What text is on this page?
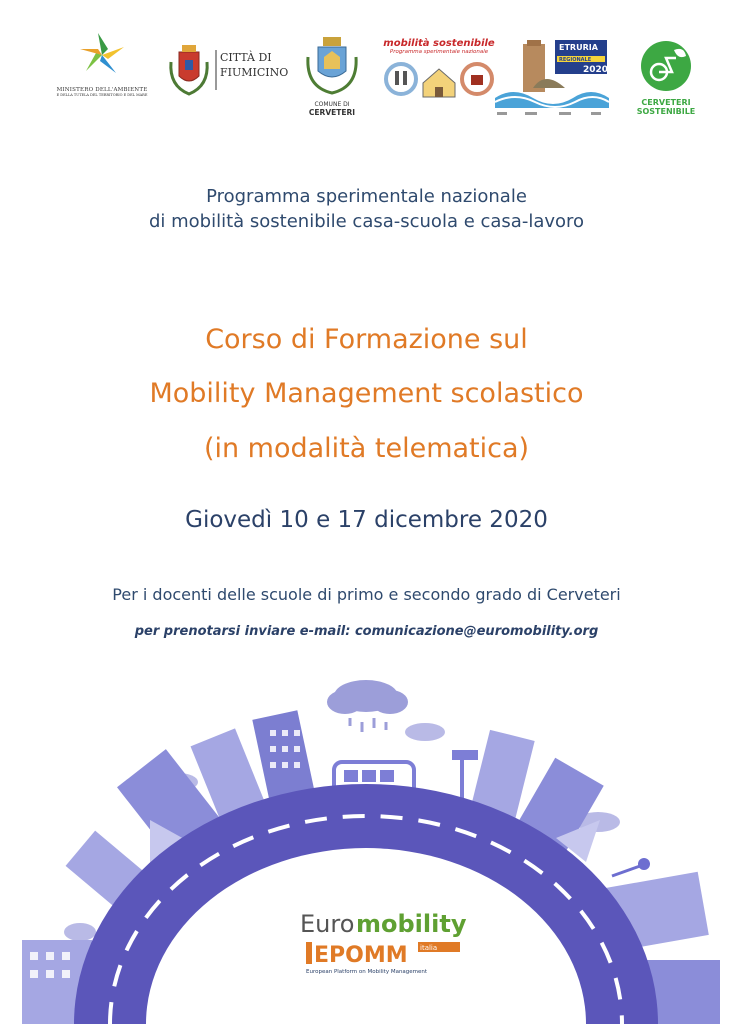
MINISTERO DELL'AMBIENTE
E DELLA TUTELA DEL TERRITORIO E DEL MARE
CITTÀ DI
FIUMICINO
COMUNE DI
CERVETERI
mobilità sostenibile
Programma sperimentale nazionale	ETRURIA
REGIONALE
2020
CERVETERI
SOSTENIBILE
Programma sperimentale nazionale
di mobilità sostenibile casa-scuola e casa-lavoro
Corso di Formazione sul
Mobility Management scolastico
(in modalità telematica)
Giovedì 10 e 17 dicembre 2020
Per i docenti delle scuole di primo e secondo grado di Cerveteri
per prenotarsi inviare e-mail: comunicazione@euromobility.org
Euro mobility
EPOMM italia
European Platform on Mobility Management
